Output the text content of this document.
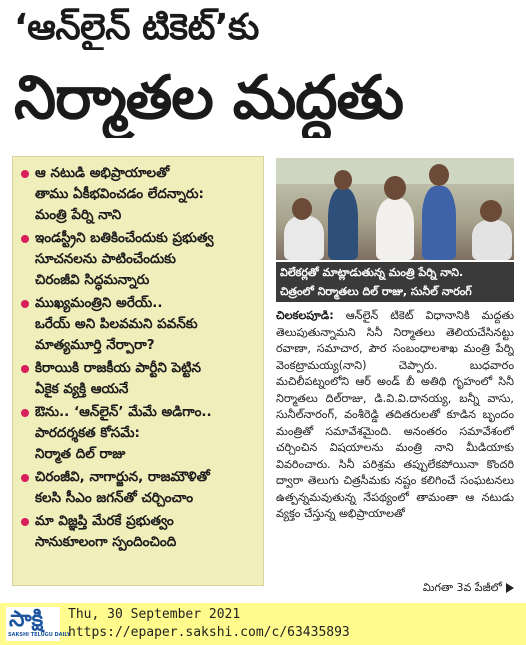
‘ఆన్‌లైన్ టికెట్’కు
నిర్మాతల మద్దతు
ఆ నటుడి అభిప్రాయాలతో
తాము ఏకీభవించడం లేదన్నారు:
మంత్రి పేర్ని నాని
ఇండస్ట్రీని బతికించేందుకు ప్రభుత్వ
సూచనలను పాటించేందుకు
చిరంజీవి సిద్ధమన్నారు
ముఖ్యమంత్రిని అరేయ్..
ఒరేయ్ అని పిలవమని పవన్‌కు
మాత్యమూర్తి నేర్పారా?
కిరాయికి రాజకీయ పార్టీని పెట్టిన
ఏకైక వ్యక్తి ఆయనే
ఔను.. ‘ఆన్‌లైన్’ మేమే అడిగాం..
పారదర్శకత కోసమే:
నిర్మాత దిల్ రాజు
చిరంజీవి, నాగార్జున, రాజమౌళితో
కలసి సీఎం జగన్‌తో చర్చించాం
మా విజ్ఞప్తి మేరకే ప్రభుత్వం
సానుకూలంగా స్పందించింది
విలేకర్లతో మాట్లాడుతున్న మంత్రి పేర్ని నాని.
చిత్రంలో నిర్మాతలు దిల్ రాజు, సునీల్ నారంగ్
చిలకలపూడి: ఆన్‌లైన్ టికెట్ విధానానికి మద్దతు తెలుపుతున్నామని సినీ నిర్మాతలు తెలియచేసినట్టు రవాణా, సమాచార, పౌర సంబంధాలశాఖ మంత్రి పేర్ని వెంకట్రామయ్య(నాని) చెప్పారు. బుధవారం మచిలీపట్నంలోని ఆర్ అండ్ బీ అతిథి గృహంలో సినీ నిర్మాతలు దిల్‌రాజు, డి.వి.వి.దానయ్య, బన్నీ వాసు, సునీల్‌నారంగ్, వంశీరెడ్డి తదితరులతో కూడిన బృందం మంత్రితో సమావేశమైంది. అనంతరం సమావేశంలో చర్చించిన విషయాలను మంత్రి నాని మీడియాకు వివరించారు. సినీ పరిశ్రమ తప్పులేకపోయినా కొందరి ద్వారా తెలుగు చిత్రసీమకు నష్టం కలిగించే సంఘటనలు ఉత్పన్నమవుతున్న నేపథ్యంలో తామంతా ఆ నటుడు వ్యక్తం చేస్తున్న అభిప్రాయాలతో
మిగతా 3వ పేజీలో
సాక్షి
SAKSHI TELUGU DAILY
Thu, 30 September 2021
https://epaper.sakshi.com/c/63435893
